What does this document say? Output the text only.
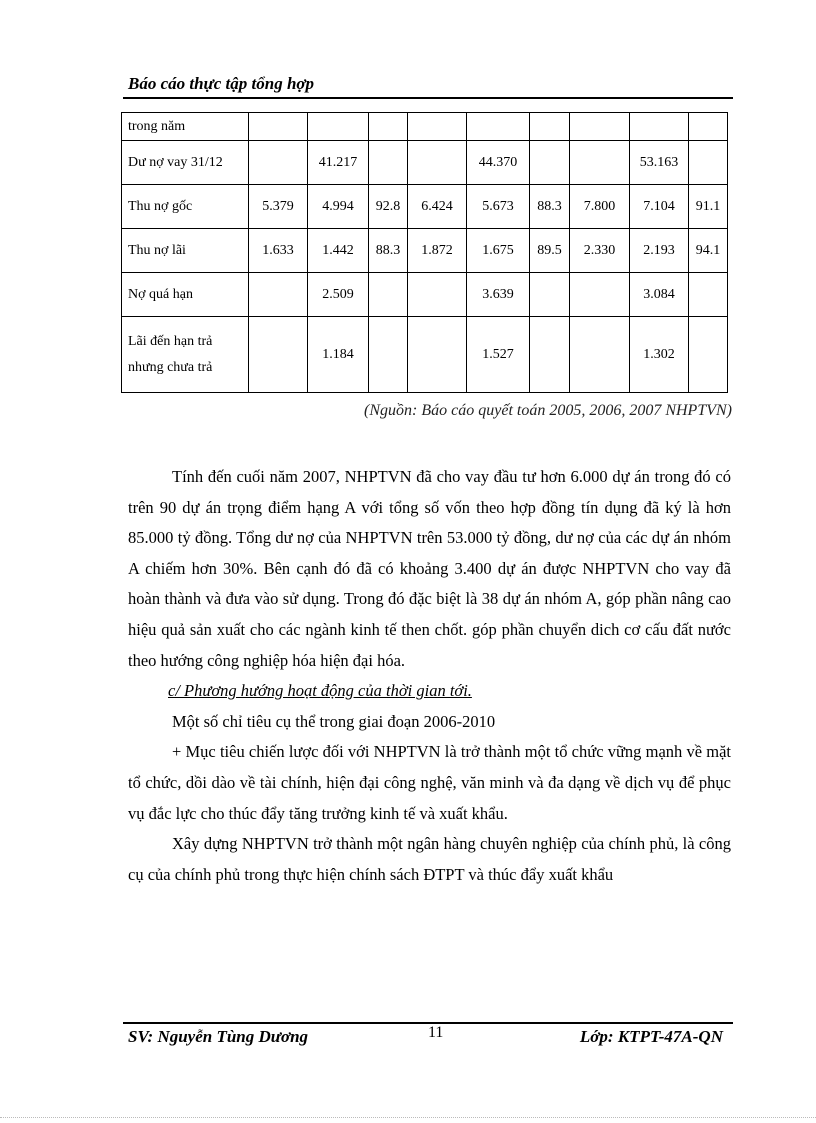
Báo cáo thực tập tổng hợp
trong năm									

Dư nợ vay 31/12		41.217			44.370			53.163	

Thu nợ gốc	5.379	4.994	92.8	6.424	5.673	88.3	7.800	7.104	91.1

Thu nợ lãi	1.633	1.442	88.3	1.872	1.675	89.5	2.330	2.193	94.1

Nợ quá hạn		2.509			3.639			3.084	

Lãi đến hạn trả
nhưng chưa trả		1.184			1.527			1.302	
(Nguồn: Báo cáo quyết toán 2005, 2006, 2007 NHPTVN)

Tính đến cuối năm 2007, NHPTVN đã cho vay đầu tư hơn 6.000 dự án trong đó có trên 90 dự án trọng điểm hạng A với tổng số vốn theo hợp đồng tín dụng đã ký là hơn 85.000 tỷ đồng. Tổng dư nợ của NHPTVN trên 53.000 tỷ đồng, dư nợ của các dự án nhóm A chiếm hơn 30%. Bên cạnh đó đã có khoảng 3.400 dự án được NHPTVN cho vay đã hoàn thành và đưa vào sử dụng. Trong đó đặc biệt là 38 dự án nhóm A, góp phần nâng cao hiệu quả sản xuất cho các ngành kinh tế then chốt. góp phần chuyển dich cơ cấu đất nước theo hướng công nghiệp hóa hiện đại hóa.

c/ Phương hướng hoạt động của thời gian tới.

Một số chỉ tiêu cụ thể trong giai đoạn 2006-2010

+ Mục tiêu chiến lược đối với NHPTVN là trở thành một tổ chức vững mạnh về mặt tổ chức, dồi dào về tài chính, hiện đại công nghệ, văn minh và đa dạng về dịch vụ để phục vụ đắc lực cho thúc đẩy tăng trưởng kinh tế và xuất khẩu.

Xây dựng NHPTVN trở thành một ngân hàng chuyên nghiệp của chính phủ, là công cụ của chính phủ trong thực hiện chính sách ĐTPT và thúc đẩy xuất khẩu

SV: Nguyễn Tùng Dương	11	Lớp: KTPT-47A-QN
